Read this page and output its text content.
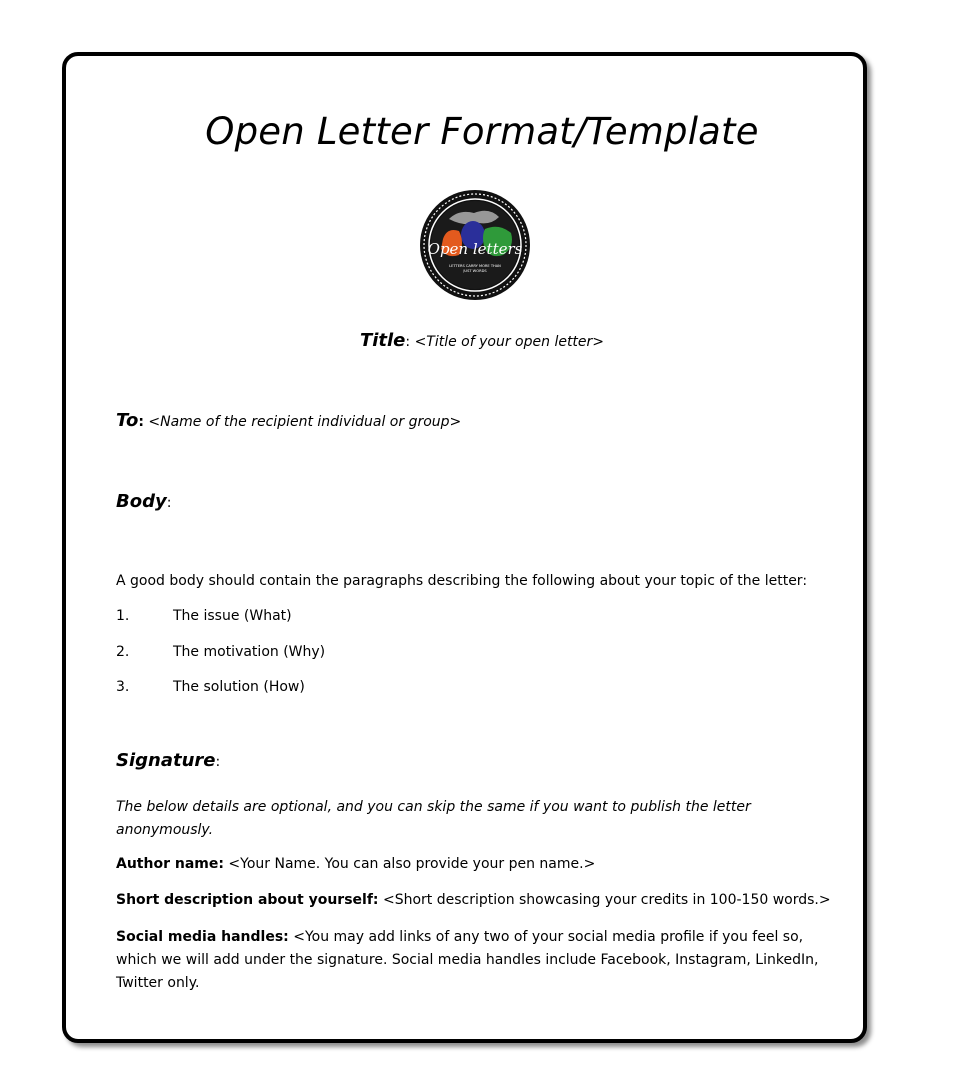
Open Letter Format/Template
Open letters
LETTERS CARRY MORE THAN
JUST WORDS
Title: <Title of your open letter>
To: <Name of the recipient individual or group>
Body:
A good body should contain the paragraphs describing the following about your topic of the letter:
1.	The issue (What)
2.	The motivation (Why)
3.	The solution (How)
Signature:
The below details are optional, and you can skip the same if you want to publish the letter anonymously.
Author name: <Your Name. You can also provide your pen name.>
Short description about yourself: <Short description showcasing your credits in 100-150 words.>
Social media handles: <You may add links of any two of your social media profile if you feel so, which we will add under the signature. Social media handles include Facebook, Instagram, LinkedIn, Twitter only.
